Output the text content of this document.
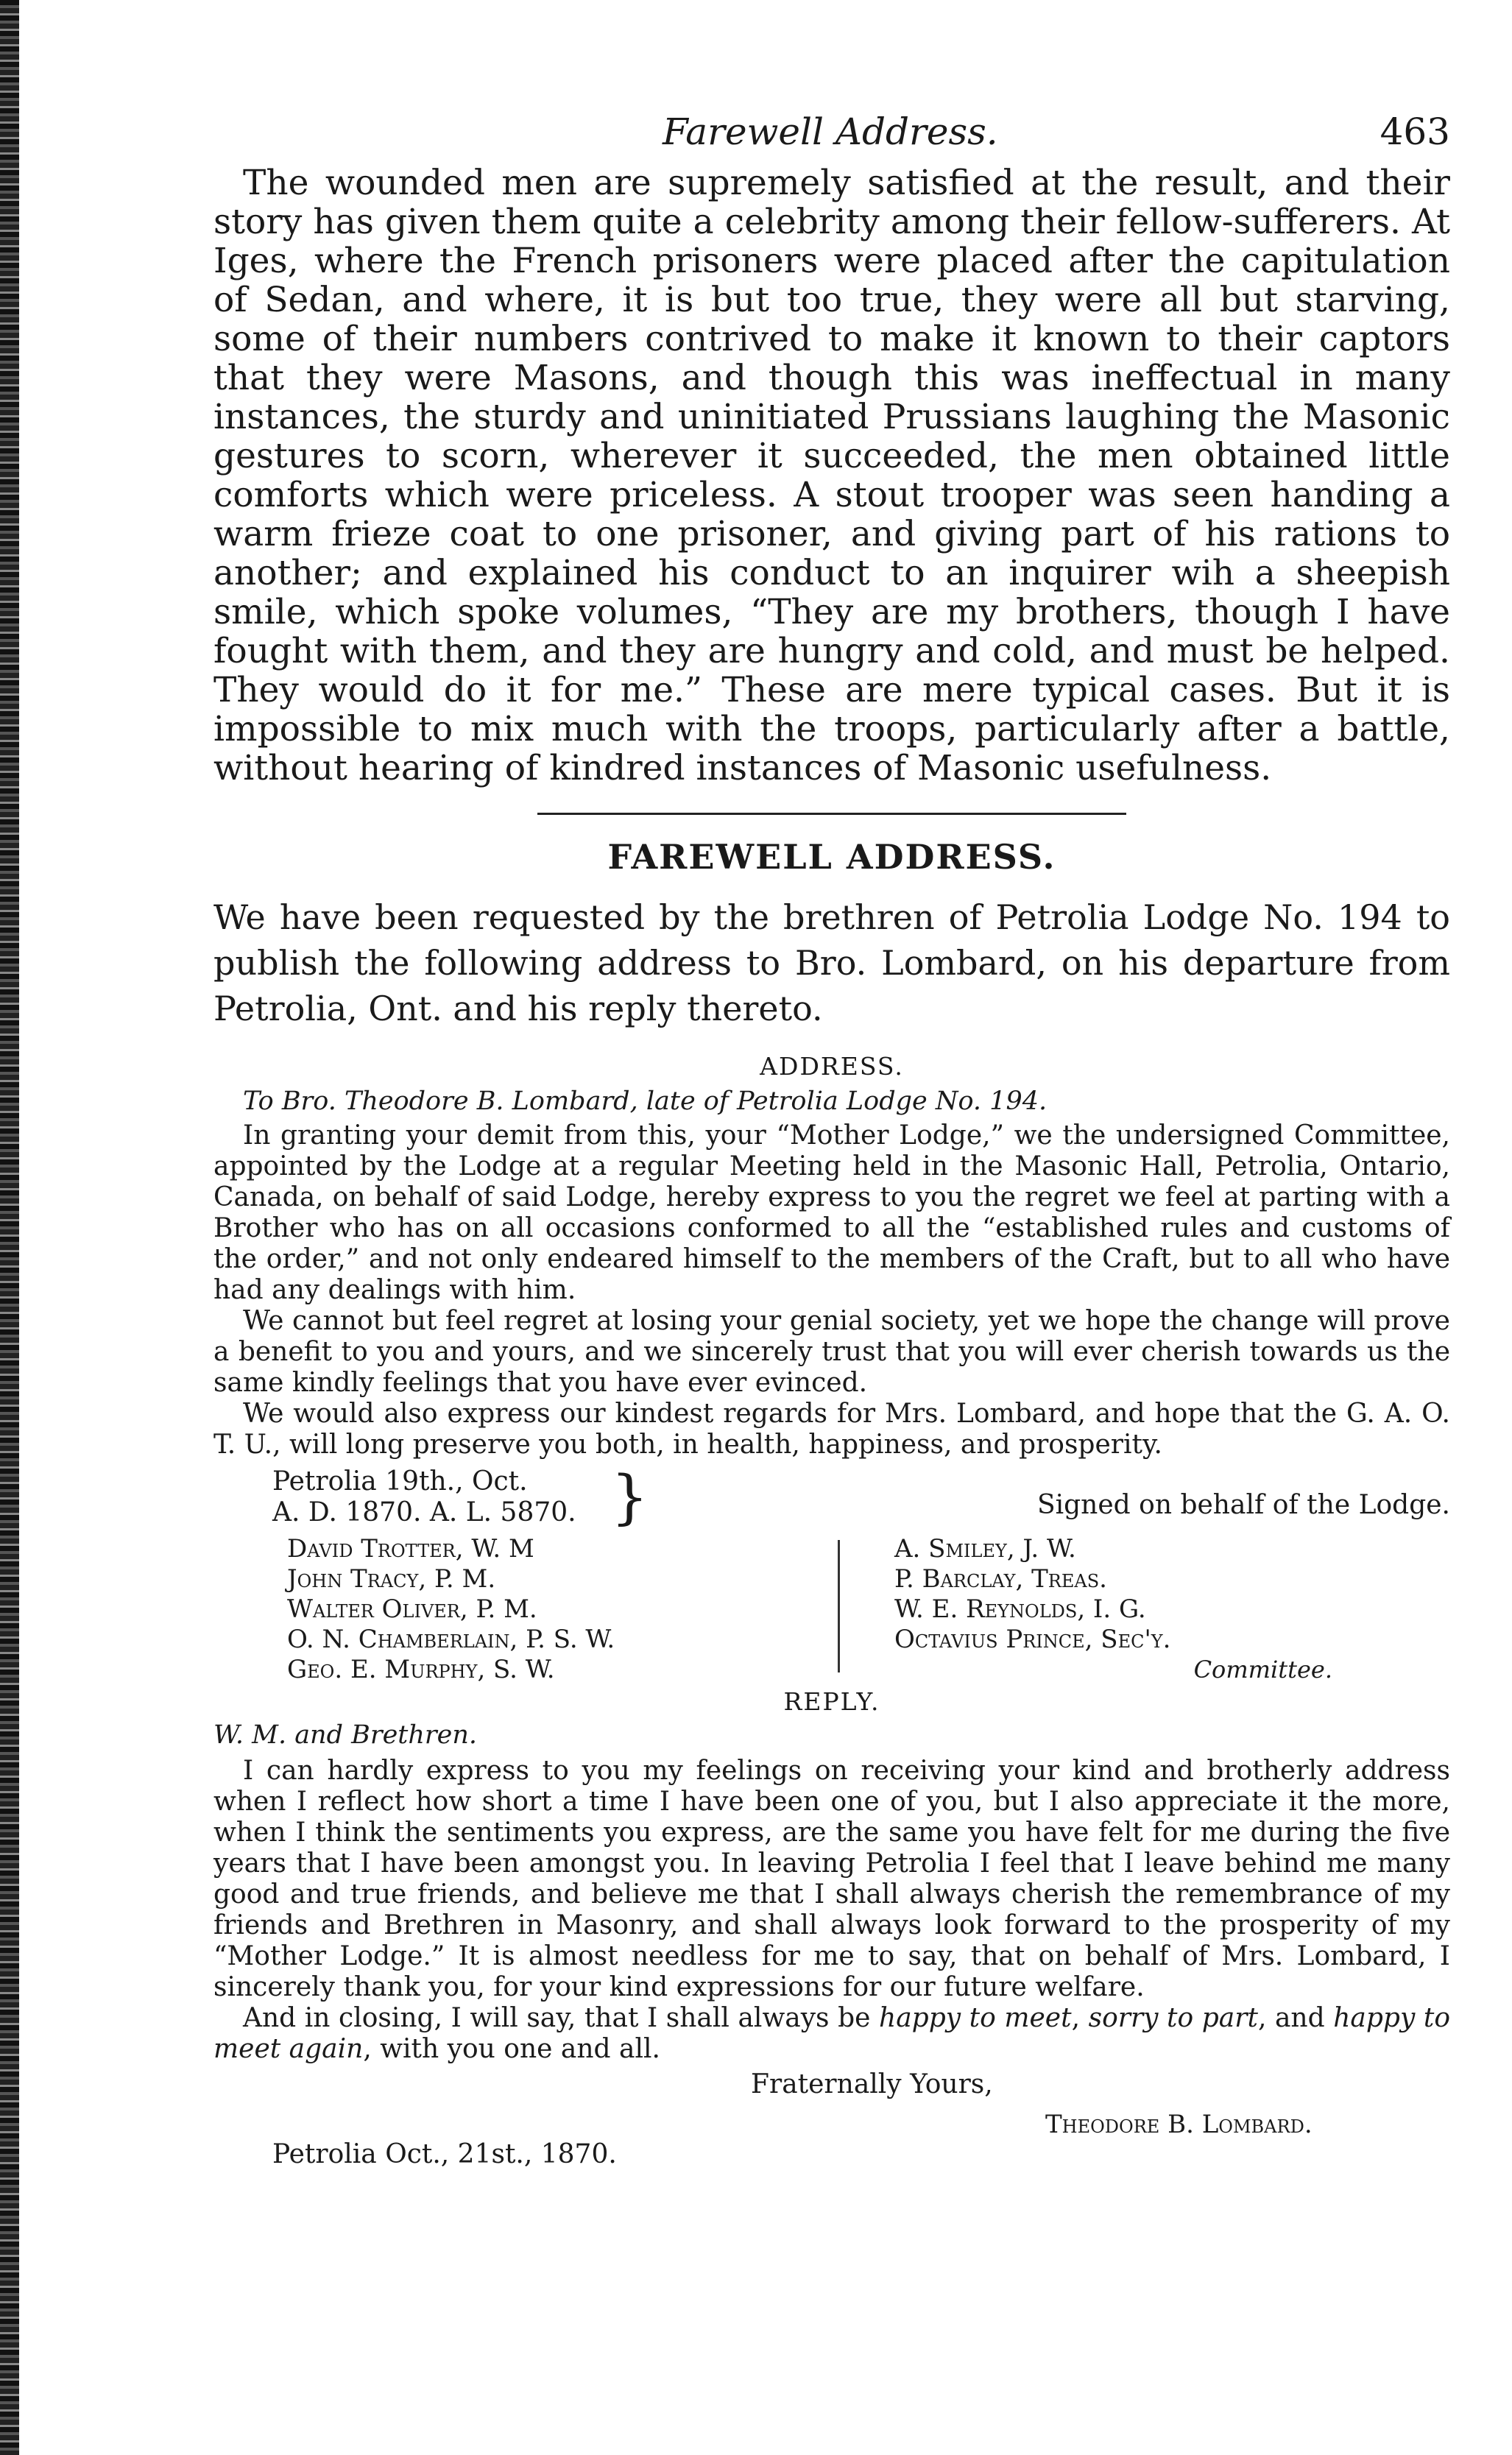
Farewell Address.	463

The wounded men are supremely satisfied at the result, and their story has given them quite a celebrity among their fellow-sufferers. At Iges, where the French prisoners were placed after the capitulation of Sedan, and where, it is but too true, they were all but starving, some of their numbers contrived to make it known to their captors that they were Masons, and though this was ineffectual in many instances, the sturdy and uninitiated Prussians laughing the Masonic gestures to scorn, wherever it succeeded, the men obtained little comforts which were priceless. A stout trooper was seen handing a warm frieze coat to one prisoner, and giving part of his rations to another; and explained his conduct to an inquirer wih a sheepish smile, which spoke volumes, “They are my brothers, though I have fought with them, and they are hungry and cold, and must be helped. They would do it for me.” These are mere typical cases. But it is impossible to mix much with the troops, particularly after a battle, without hearing of kindred instances of Masonic usefulness.

FAREWELL ADDRESS.

We have been requested by the brethren of Petrolia Lodge No. 194 to publish the following address to Bro. Lombard, on his departure from Petrolia, Ont. and his reply thereto.

ADDRESS.
To Bro. Theodore B. Lombard, late of Petrolia Lodge No. 194.

In granting your demit from this, your “Mother Lodge,” we the undersigned Committee, appointed by the Lodge at a regular Meeting held in the Masonic Hall, Petrolia, Ontario, Canada, on behalf of said Lodge, hereby express to you the regret we feel at parting with a Brother who has on all occasions conformed to all the “established rules and customs of the order,” and not only endeared himself to the members of the Craft, but to all who have had any dealings with him.

We cannot but feel regret at losing your genial society, yet we hope the change will prove a benefit to you and yours, and we sincerely trust that you will ever cherish towards us the same kindly feelings that you have ever evinced.

We would also express our kindest regards for Mrs. Lombard, and hope that the G. A. O. T. U., will long preserve you both, in health, happiness, and prosperity.

Petrolia 19th., Oct.
A. D. 1870. A. L. 5870. }	Signed on behalf of the Lodge.
David Trotter, W. M
John Tracy, P. M.
Walter Oliver, P. M.
O. N. Chamberlain, P. S. W.
Geo. E. Murphy, S. W.
A. Smiley, J. W.
P. Barclay, Treas.
W. E. Reynolds, I. G.
Octavius Prince, Sec'y.
Committee.
REPLY.
W. M. and Brethren.

I can hardly express to you my feelings on receiving your kind and brotherly address when I reflect how short a time I have been one of you, but I also appreciate it the more, when I think the sentiments you express, are the same you have felt for me during the five years that I have been amongst you. In leaving Petrolia I feel that I leave behind me many good and true friends, and believe me that I shall always cherish the remembrance of my friends and Brethren in Masonry, and shall always look forward to the prosperity of my “Mother Lodge.” It is almost needless for me to say, that on behalf of Mrs. Lombard, I sincerely thank you, for your kind expressions for our future welfare.

And in closing, I will say, that I shall always be happy to meet, sorry to part, and happy to meet again, with you one and all.

Fraternally Yours,
Theodore B. Lombard.
Petrolia Oct., 21st., 1870.
